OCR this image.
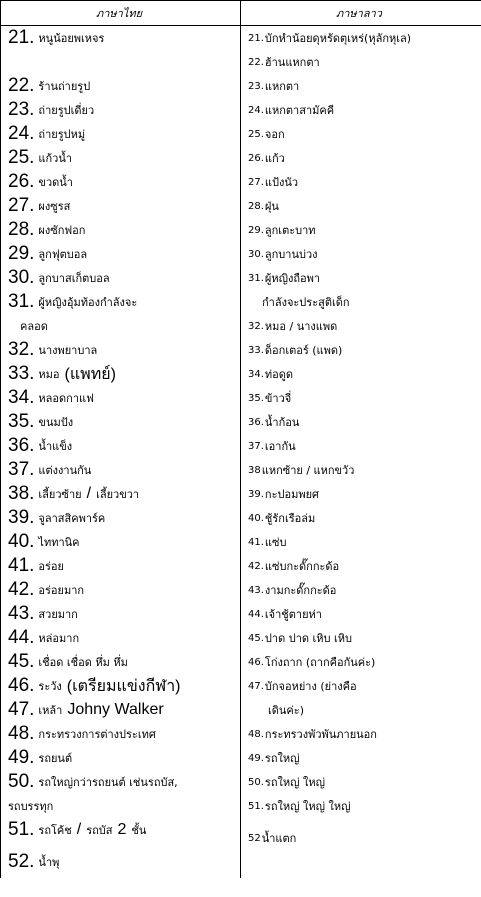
ภาษาไทย	ภาษาลาว
21. หนูน้อยพเหจร
22. ร้านถ่ายรูป
23. ถ่ายรูปเดี่ยว
24. ถ่ายรูปหมู่
25. แก้วน้ำ
26. ขวดน้ำ
27. ผงซูรส
28. ผงซักฟอก
29. ลูกฟุตบอล
30. ลูกบาสเก็ตบอล
31. ผู้หญิงอุ้มท้องกำลังจะ
คลอด
32. นางพยาบาล
33. หมอ (แพทย์)
34. หลอดกาแฟ
35. ขนมปัง
36. น้ำแข็ง
37. แต่งงานกัน
38. เลี้ยวซ้าย / เลี้ยวขวา
39. จูลาสสิคพาร์ค
40. ไททานิค
41. อร่อย
42. อร่อยมาก
43. สวยมาก
44. หล่อมาก
45. เชื่อด เชื่อด หึ่ม หึ่ม
46. ระวัง (เตรียมแข่งกีฬา)
47. เหล้า Johny Walker
48. กระทรวงการต่างประเทศ
49. รถยนต์
50. รถใหญ่กว่ารถยนต์ เช่นรถบัส,
รถบรรทุก
51. รถโค้ช / รถบัส 2 ชั้น
52. น้ำพุ
21. บักหำน้อยดุหรัดตุเหร่(หุลักหุเล)
22. ฮ้านแหกตา
23. แหกตา
24. แหกตาสามัคคี
25. จอก
26. แก้ว
27. แป้งนัว
28. ฝุ่น
29. ลูกเตะบาท
30. ลูกบานบ่วง
31. ผู้หญิงถือพา
กำลังจะประสูติเด็ก
32. หมอ / นางแพด
33. ด็อกเตอร์ (แพด)
34. ท่อดูด
35. ข้าวจี่
36. น้ำก้อน
37. เอากัน
38 แหกซ้าย / แหกขวัว
39. กะปอมพยศ
40. ชู้รักเรือล่ม
41. แซ่บ
42. แซ่บกะดั๊กกะด้อ
43. งามกะดั๊กกะด้อ
44. เจ้าชู้ตายห่า
45. ปาด ปาด เหิบ เหิบ
46. โก่งถาก (ถากคือกันค่ะ)
47. บักจอหย่าง (ย่างคือ
เดินค่ะ)
48. กระทรวงพัวพันภายนอก
49. รถใหญ่
50. รถใหญ่ ใหญ่
51. รถใหญ่ ใหญ่ ใหญ่
52 น้ำแตก
